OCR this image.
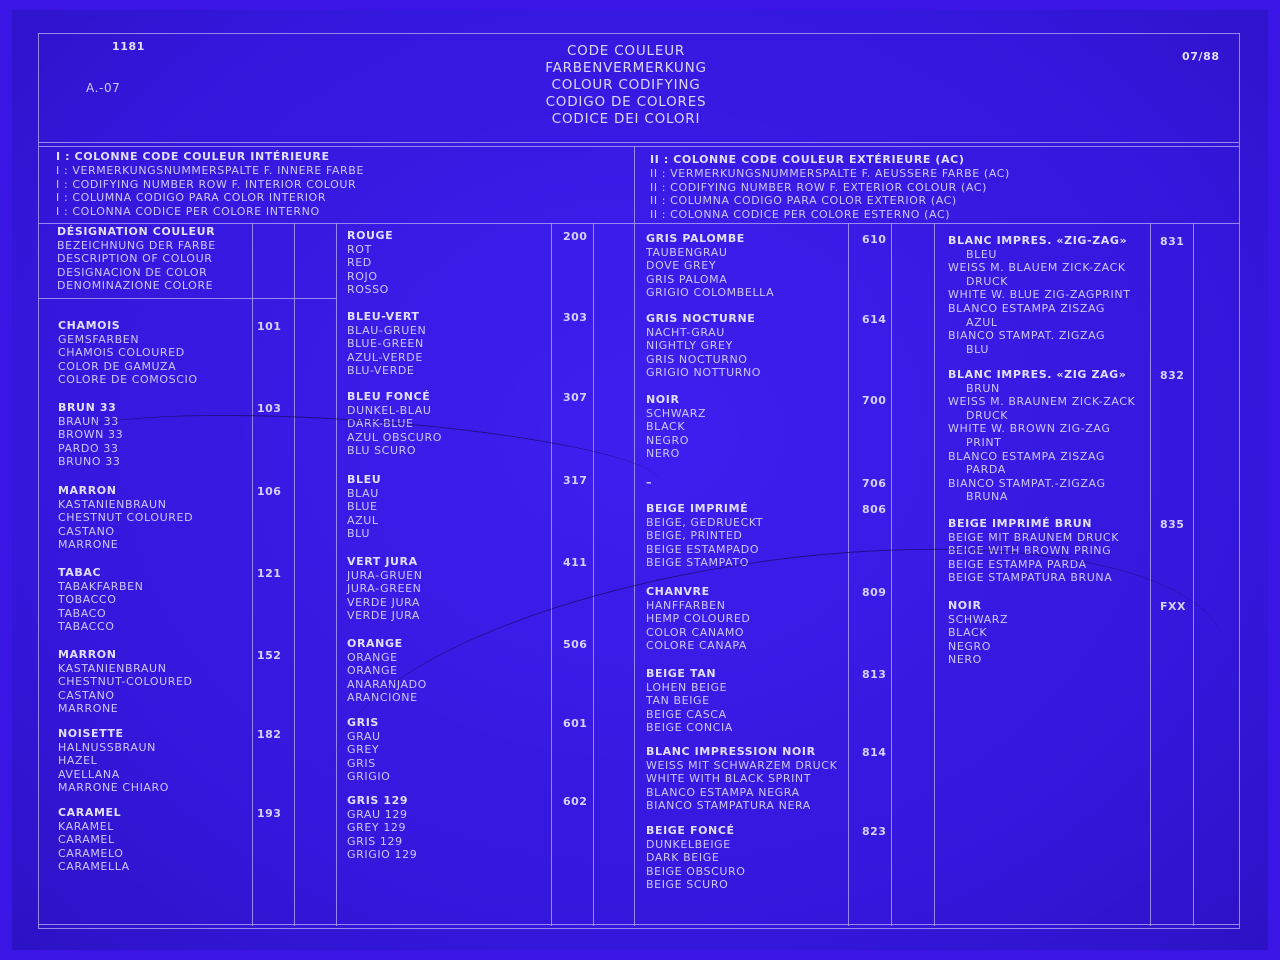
1181
A.-07
07/88
CODE COULEUR
FARBENVERMERKUNG
COLOUR CODIFYING
CODIGO DE COLORES
CODICE DEI COLORI
I : COLONNE CODE COULEUR INTÉRIEURE
I : VERMERKUNGSNUMMERSPALTE F. INNERE FARBE
I : CODIFYING NUMBER ROW F. INTERIOR COLOUR
I : COLUMNA CODIGO PARA COLOR INTERIOR
I : COLONNA CODICE PER COLORE INTERNO
II : COLONNE CODE COULEUR EXTÉRIEURE (AC)
II : VERMERKUNGSNUMMERSPALTE F. AEUSSERE FARBE (AC)
II : CODIFYING NUMBER ROW F. EXTERIOR COLOUR (AC)
II : COLUMNA CODIGO PARA COLOR EXTERIOR (AC)
II : COLONNA CODICE PER COLORE ESTERNO (AC)
DÉSIGNATION COULEUR
BEZEICHNUNG DER FARBE
DESCRIPTION OF COLOUR
DESIGNACION DE COLOR
DENOMINAZIONE COLORE
CHAMOIS
GEMSFARBEN
CHAMOIS COLOURED
COLOR DE GAMUZA
COLORE DE COMOSCIO
101
BRUN 33
BRAUN 33
BROWN 33
PARDO 33
BRUNO 33
103
MARRON
KASTANIENBRAUN
CHESTNUT COLOURED
CASTANO
MARRONE
106
TABAC
TABAKFARBEN
TOBACCO
TABACO
TABACCO
121
MARRON
KASTANIENBRAUN
CHESTNUT-COLOURED
CASTANO
MARRONE
152
NOISETTE
HALNUSSBRAUN
HAZEL
AVELLANA
MARRONE CHIARO
182
CARAMEL
KARAMEL
CARAMEL
CARAMELO
CARAMELLA
193
ROUGE
ROT
RED
ROJO
ROSSO
200
BLEU-VERT
BLAU-GRUEN
BLUE-GREEN
AZUL-VERDE
BLU-VERDE
303
BLEU FONCÉ
DUNKEL-BLAU
DARK-BLUE
AZUL OBSCURO
BLU SCURO
307
BLEU
BLAU
BLUE
AZUL
BLU
317
VERT JURA
JURA-GRUEN
JURA-GREEN
VERDE JURA
VERDE JURA
411
ORANGE
ORANGE
ORANGE
ANARANJADO
ARANCIONE
506
GRIS
GRAU
GREY
GRIS
GRIGIO
601
GRIS 129
GRAU 129
GREY 129
GRIS 129
GRIGIO 129
602
GRIS PALOMBE
TAUBENGRAU
DOVE GREY
GRIS PALOMA
GRIGIO COLOMBELLA
610
GRIS NOCTURNE
NACHT-GRAU
NIGHTLY GREY
GRIS NOCTURNO
GRIGIO NOTTURNO
614
NOIR
SCHWARZ
BLACK
NEGRO
NERO
700
–	706
BEIGE IMPRIMÉ
BEIGE, GEDRUECKT
BEIGE, PRINTED
BEIGE ESTAMPADO
BEIGE STAMPATO
806
CHANVRE
HANFFARBEN
HEMP COLOURED
COLOR CANAMO
COLORE CANAPA
809
BEIGE TAN
LOHEN BEIGE
TAN BEIGE
BEIGE CASCA
BEIGE CONCIA
813
BLANC IMPRESSION NOIR
WEISS MIT SCHWARZEM DRUCK
WHITE WITH BLACK SPRINT
BLANCO ESTAMPA NEGRA
BIANCO STAMPATURA NERA
814
BEIGE FONCÉ
DUNKELBEIGE
DARK BEIGE
BEIGE OBSCURO
BEIGE SCURO
823
BLANC IMPRES. «ZIG-ZAG»
BLEU
WEISS M. BLAUEM ZICK-ZACK
DRUCK
WHITE W. BLUE ZIG-ZAGPRINT
BLANCO ESTAMPA ZISZAG
AZUL
BIANCO STAMPAT. ZIGZAG
BLU
831
BLANC IMPRES. «ZIG ZAG»
BRUN
WEISS M. BRAUNEM ZICK-ZACK
DRUCK
WHITE W. BROWN ZIG-ZAG
PRINT
BLANCO ESTAMPA ZISZAG
PARDA
BIANCO STAMPAT.-ZIGZAG
BRUNA
832
BEIGE IMPRIMÉ BRUN
BEIGE MIT BRAUNEM DRUCK
BEIGE WITH BROWN PRING
BEIGE ESTAMPA PARDA
BEIGE STAMPATURA BRUNA
835
NOIR
SCHWARZ
BLACK
NEGRO
NERO
FXX
